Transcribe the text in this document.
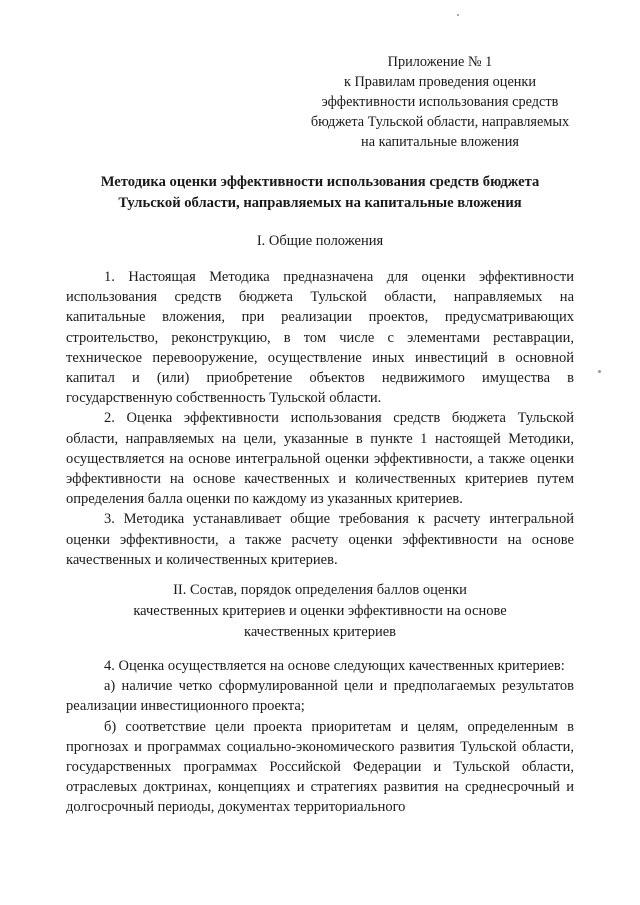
Приложение № 1
к Правилам проведения оценки
эффективности использования средств
бюджета Тульской области, направляемых
на капитальные вложения
Методика оценки эффективности использования средств бюджета
Тульской области, направляемых на капитальные вложения
I. Общие положения

1. Настоящая Методика предназначена для оценки эффективности использования средств бюджета Тульской области, направляемых на капитальные вложения, при реализации проектов, предусматривающих строительство, реконструкцию, в том числе с элементами реставрации, техническое перевооружение, осуществление иных инвестиций в основной капитал и (или) приобретение объектов недвижимого имущества в государственную собственность Тульской области.

2. Оценка эффективности использования средств бюджета Тульской области, направляемых на цели, указанные в пункте 1 настоящей Методики, осуществляется на основе интегральной оценки эффективности, а также оценки эффективности на основе качественных и количественных критериев путем определения балла оценки по каждому из указанных критериев.

3. Методика устанавливает общие требования к расчету интегральной оценки эффективности, а также расчету оценки эффективности на основе качественных и количественных критериев.

II. Состав, порядок определения баллов оценки
качественных критериев и оценки эффективности на основе
качественных критериев

4. Оценка осуществляется на основе следующих качественных критериев:

а) наличие четко сформулированной цели и предполагаемых результатов реализации инвестиционного проекта;

б) соответствие цели проекта приоритетам и целям, определенным в прогнозах и программах социально-экономического развития Тульской области, государственных программах Российской Федерации и Тульской области, отраслевых доктринах, концепциях и стратегиях развития на среднесрочный и долгосрочный периоды, документах территориального
